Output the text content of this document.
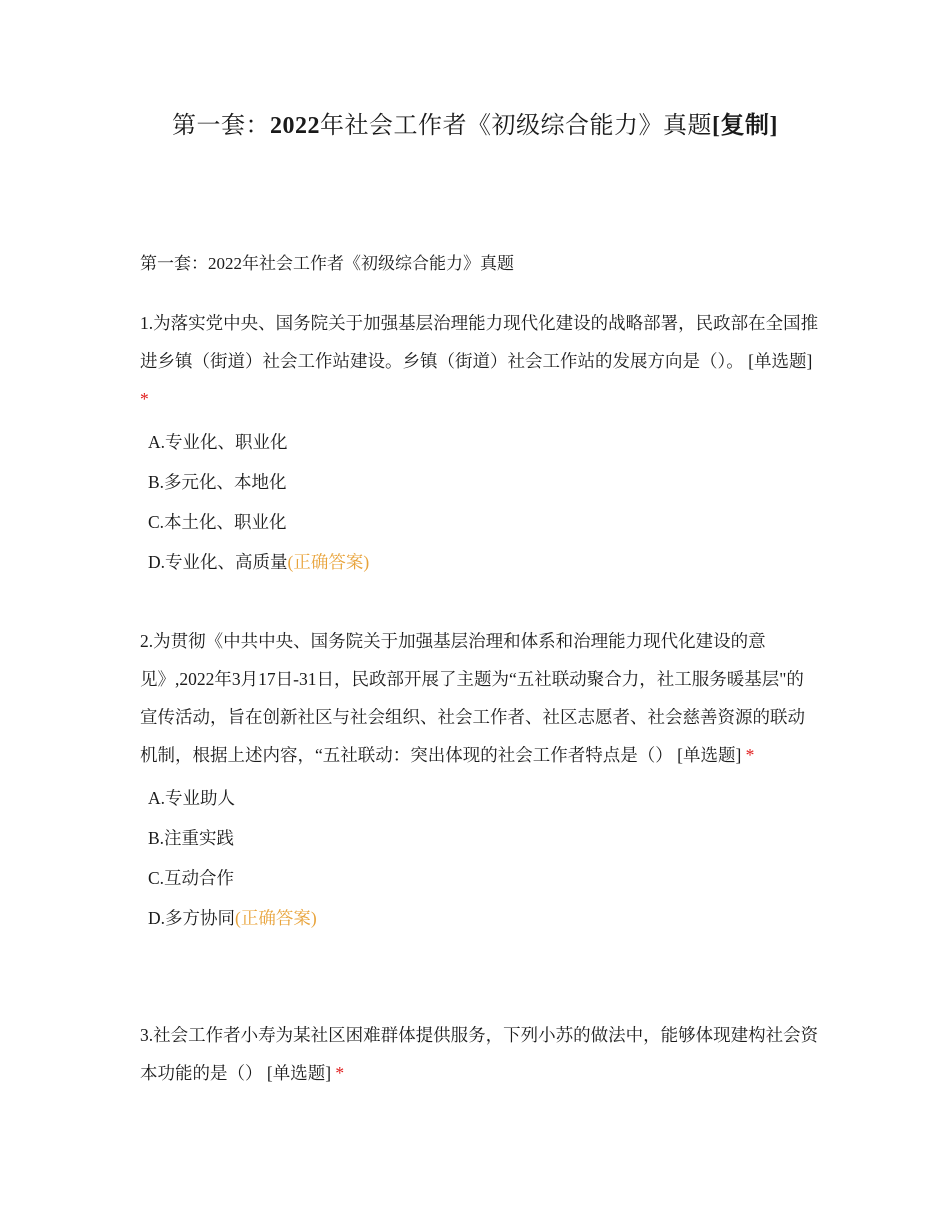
第一套：2022年社会工作者《初级综合能力》真题[复制]
第一套：2022年社会工作者《初级综合能力》真题

1.为落实党中央、国务院关于加强基层治理能力现代化建设的战略部署，民政部在全国推进乡镇（街道）社会工作站建设。乡镇（街道）社会工作站的发展方向是（）。 [单选题] *

A.专业化、职业化
B.多元化、本地化
C.本土化、职业化
D.专业化、高质量(正确答案)

2.为贯彻《中共中央、国务院关于加强基层治理和体系和治理能力现代化建设的意见》,2022年3月17日-31日，民政部开展了主题为“五社联动聚合力，社工服务暖基层"的宣传活动，旨在创新社区与社会组织、社会工作者、社区志愿者、社会慈善资源的联动机制，根据上述内容，“五社联动：突出体现的社会工作者特点是（） [单选题] *

A.专业助人
B.注重实践
C.互动合作
D.多方协同(正确答案)

3.社会工作者小寿为某社区困难群体提供服务，下列小苏的做法中，能够体现建构社会资本功能的是（） [单选题] *
